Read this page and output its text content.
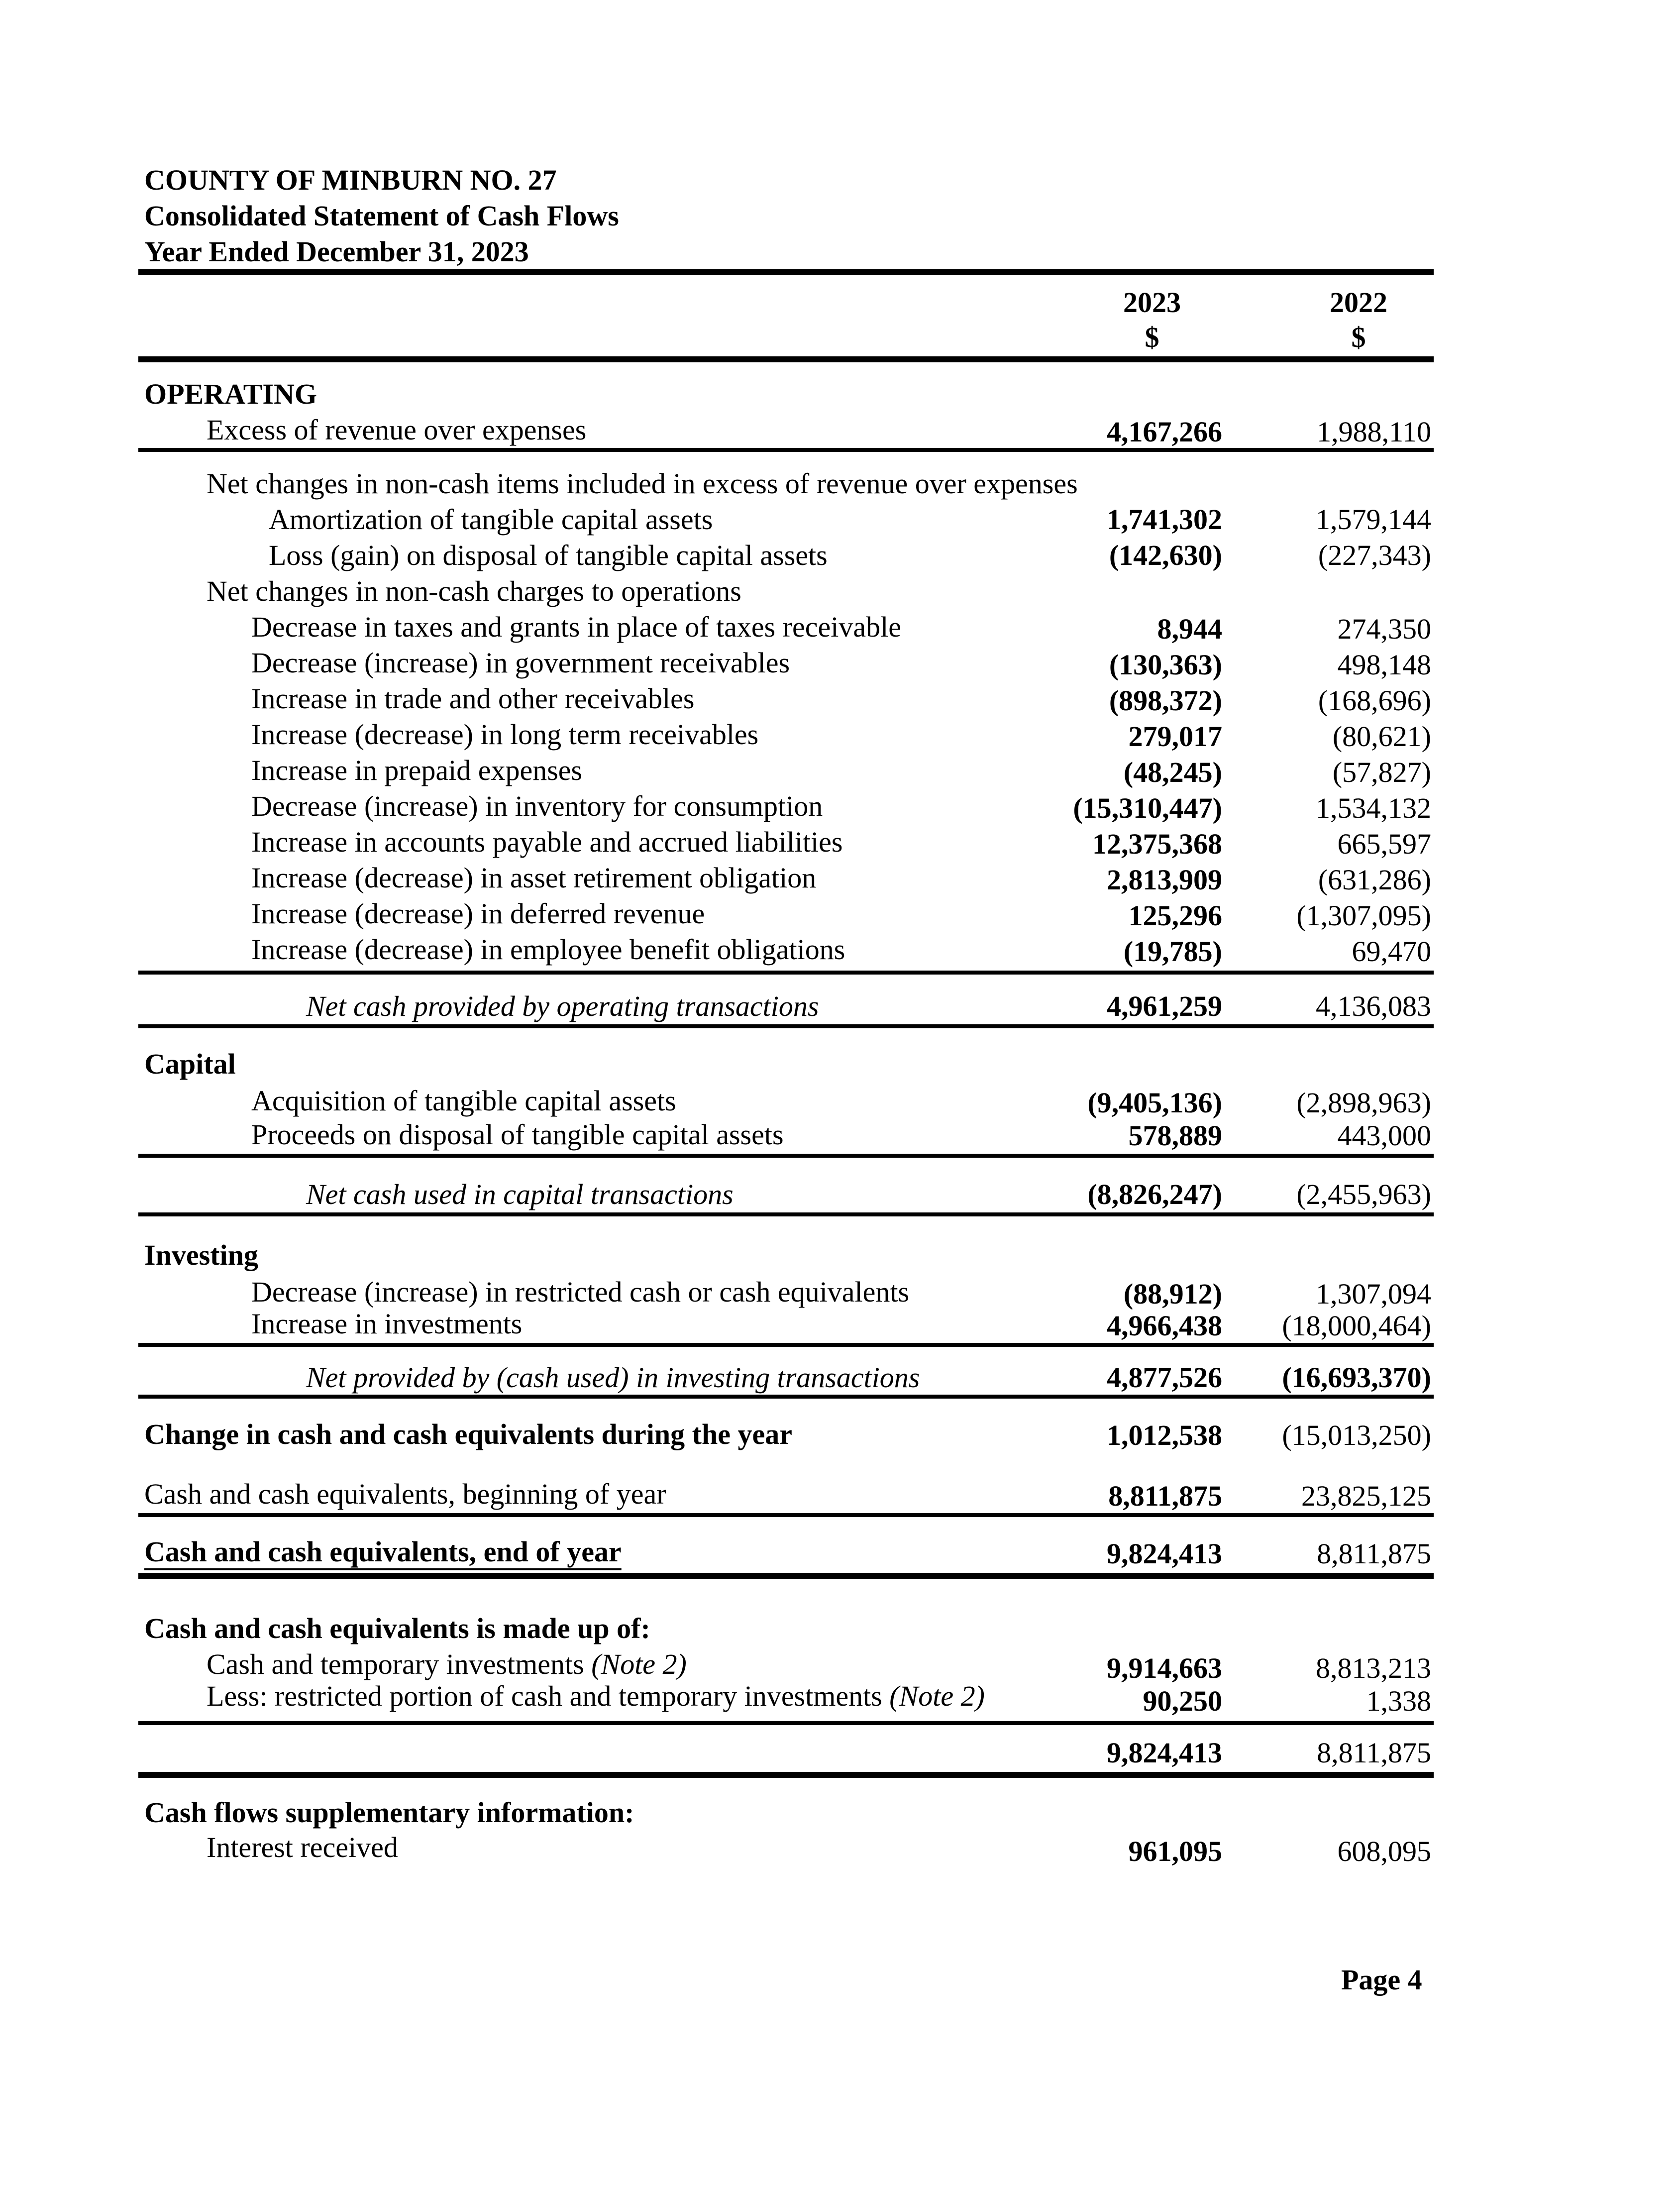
COUNTY OF MINBURN NO. 27
Consolidated Statement of Cash Flows
Year Ended December 31, 2023
2023
$
2022
$
OPERATING
Excess of revenue over expenses	4,167,266	1,988,110
Net changes in non-cash items included in excess of revenue over expenses
Amortization of tangible capital assets	1,741,302	1,579,144
Loss (gain) on disposal of tangible capital assets	(142,630)	(227,343)
Net changes in non-cash charges to operations
Decrease in taxes and grants in place of taxes receivable	8,944	274,350
Decrease (increase) in government receivables	(130,363)	498,148
Increase in trade and other receivables	(898,372)	(168,696)
Increase (decrease) in long term receivables	279,017	(80,621)
Increase in prepaid expenses	(48,245)	(57,827)
Decrease (increase) in inventory for consumption	(15,310,447)	1,534,132
Increase in accounts payable and accrued liabilities	12,375,368	665,597
Increase (decrease) in asset retirement obligation	2,813,909	(631,286)
Increase (decrease) in deferred revenue	125,296	(1,307,095)
Increase (decrease) in employee benefit obligations	(19,785)	69,470
Net cash provided by operating transactions	4,961,259	4,136,083
Capital
Acquisition of tangible capital assets	(9,405,136)	(2,898,963)
Proceeds on disposal of tangible capital assets	578,889	443,000
Net cash used in capital transactions	(8,826,247)	(2,455,963)
Investing
Decrease (increase) in restricted cash or cash equivalents	(88,912)	1,307,094
Increase in investments	4,966,438 (18,000,464)
Net provided by (cash used) in investing transactions	4,877,526 (16,693,370)
Change in cash and cash equivalents during the year	1,012,538 (15,013,250)
Cash and cash equivalents, beginning of year	8,811,875	23,825,125
Cash and cash equivalents, end of year	9,824,413	8,811,875
Cash and cash equivalents is made up of:
Cash and temporary investments (Note 2)	9,914,663	8,813,213
Less: restricted portion of cash and temporary investments (Note 2)	90,250	1,338
9,824,413	8,811,875
Cash flows supplementary information:
Interest received	961,095	608,095
Page 4
